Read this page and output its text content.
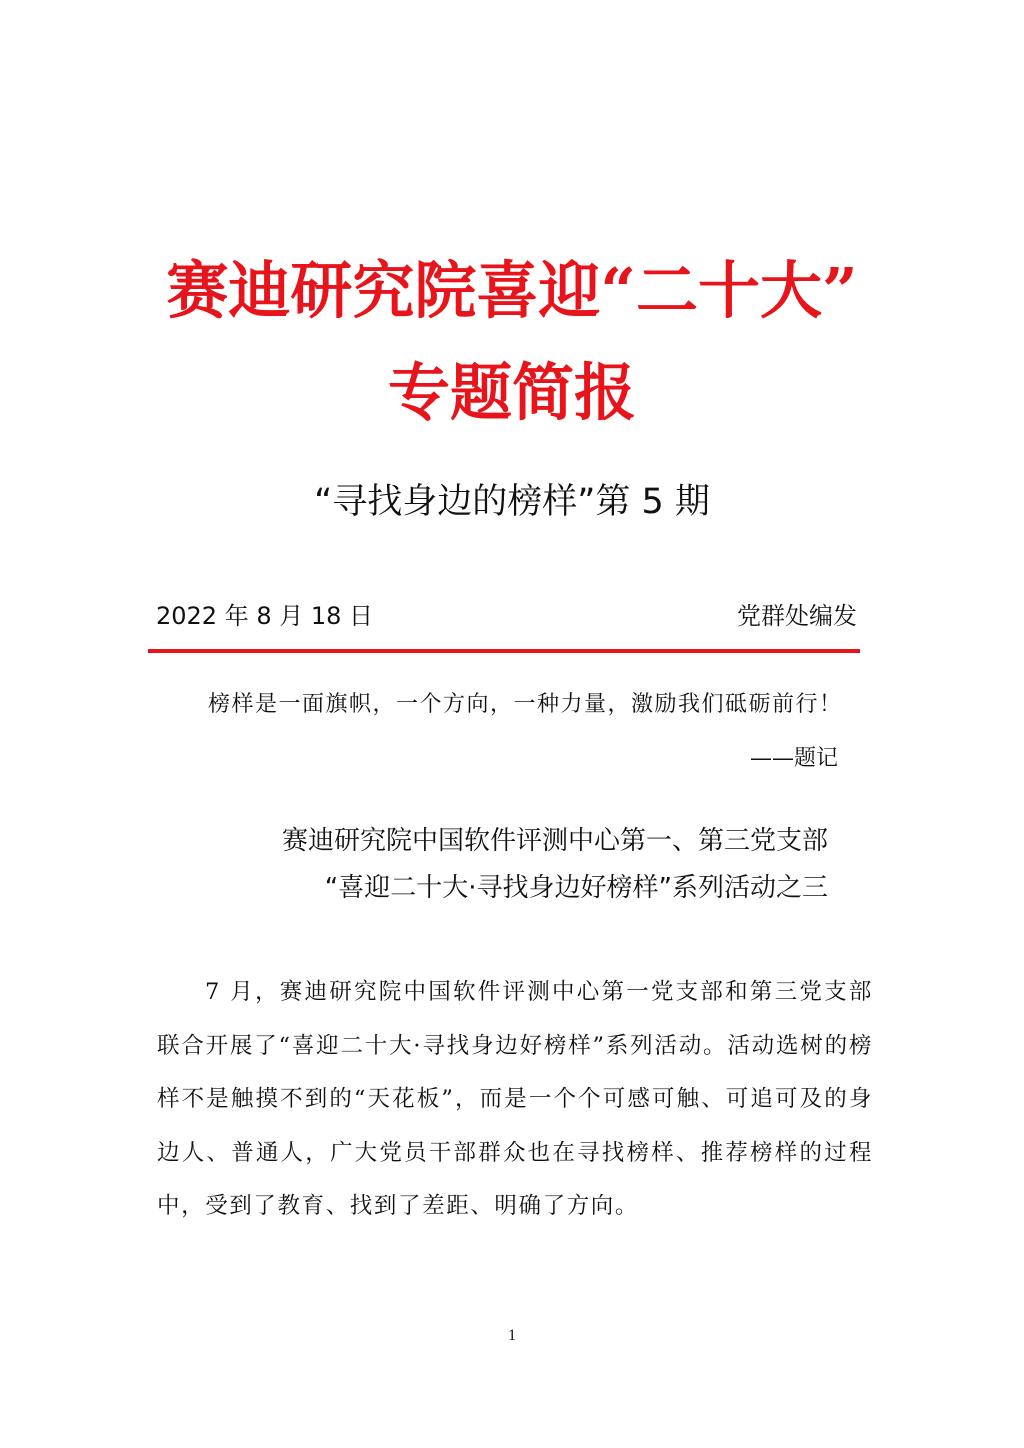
赛迪研究院喜迎“二十大”
专题简报
“寻找身边的榜样”第 5 期
2022 年 8 月 18 日	党群处编发
榜样是一面旗帜，一个方向，一种力量，激励我们砥砺前行！
——题记
赛迪研究院中国软件评测中心第一、第三党支部
“喜迎二十大·寻找身边好榜样”系列活动之三

7 月，赛迪研究院中国软件评测中心第一党支部和第三党支部联合开展了“喜迎二十大·寻找身边好榜样”系列活动。活动选树的榜样不是触摸不到的“天花板”，而是一个个可感可触、可追可及的身边人、普通人，广大党员干部群众也在寻找榜样、推荐榜样的过程中，受到了教育、找到了差距、明确了方向。

1
